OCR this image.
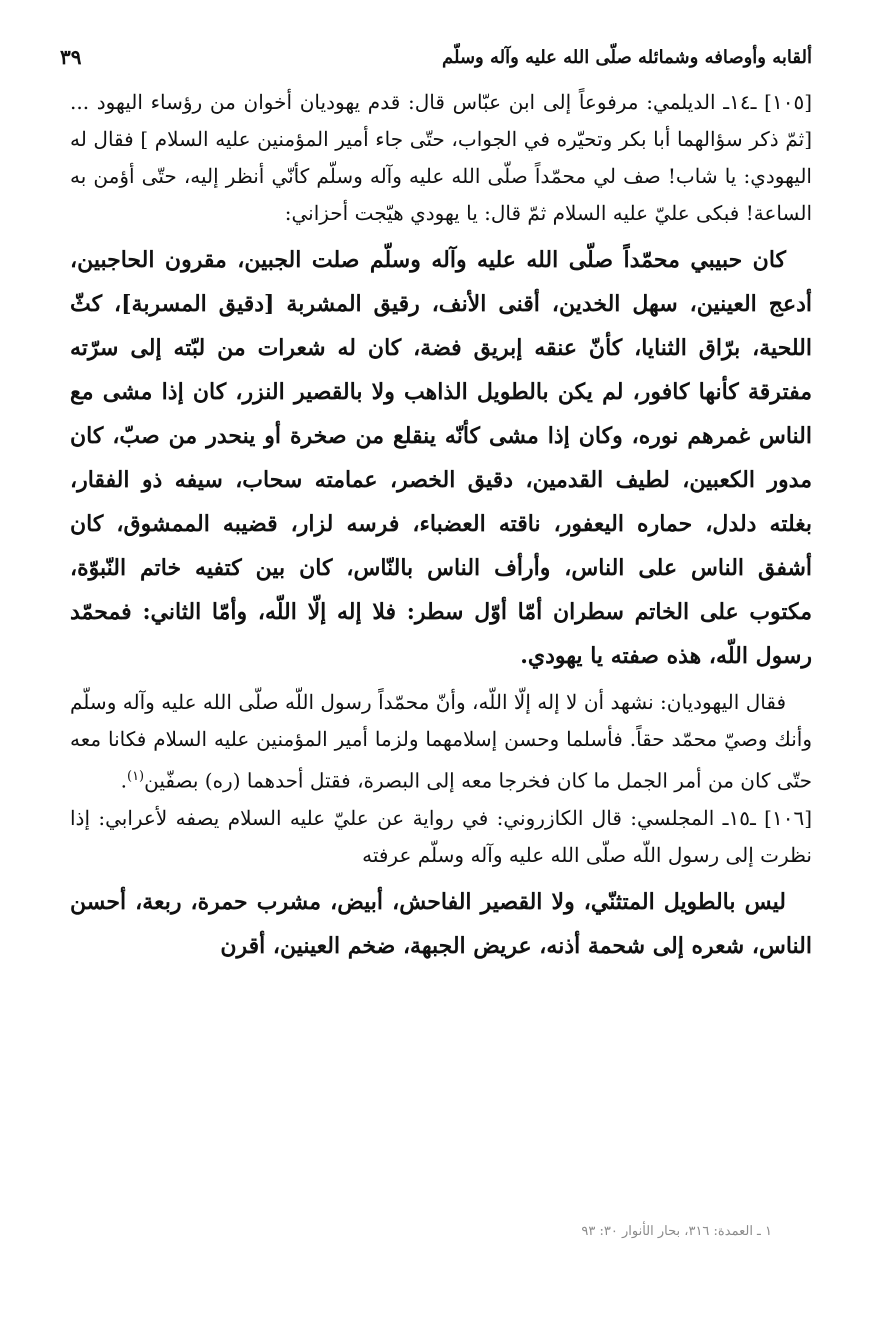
٣٩	ألقابه وأوصافه وشمائله صلّى الله عليه وآله وسلّم

[١٠٥] ـ١٤ـ الديلمي: مرفوعاً إلى ابن عبّاس قال: قدم يهوديان أخوان من رؤساء اليهود ... [ثمّ ذكر سؤالهما أبا بكر وتحيّره في الجواب، حتّى جاء أمير المؤمنين عليه السلام ] فقال له اليهودي: يا شاب! صف لي محمّداً صلّى الله عليه وآله وسلّم كأنّي أنظر إليه، حتّى أؤمن به الساعة! فبكى عليّ عليه السلام ثمّ قال: يا يهودي هيّجت أحزاني:

كان حبيبي محمّداً صلّى الله عليه وآله وسلّم صلت الجبين، مقرون الحاجبين، أدعج العينين، سهل الخدين، أقنى الأنف، رقيق المشربة [دقيق المسربة]، كثّ اللحية، برّاق الثنايا، كأنّ عنقه إبريق فضة، كان له شعرات من لبّته إلى سرّته مفترقة كأنها كافور، لم يكن بالطويل الذاهب ولا بالقصير النزر، كان إذا مشى مع الناس غمرهم نوره، وكان إذا مشى كأنّه ينقلع من صخرة أو ينحدر من صبّ، كان مدور الكعبين، لطيف القدمين، دقيق الخصر، عمامته سحاب، سيفه ذو الفقار، بغلته دلدل، حماره اليعفور، ناقته العضباء، فرسه لزار، قضيبه الممشوق، كان أشفق الناس على الناس، وأرأف الناس بالنّاس، كان بين كتفيه خاتم النّبوّة، مكتوب على الخاتم سطران أمّا أوّل سطر: فلا إله إلّا اللّه، وأمّا الثاني: فمحمّد رسول اللّه، هذه صفته يا يهودي.

فقال اليهوديان: نشهد أن لا إله إلّا اللّه، وأنّ محمّداً رسول اللّه صلّى الله عليه وآله وسلّم وأنك وصيّ محمّد حقاً. فأسلما وحسن إسلامهما ولزما أمير المؤمنين عليه السلام فكانا معه حتّى كان من أمر الجمل ما كان فخرجا معه إلى البصرة، فقتل أحدهما (ره) بصفّين$^{(١)}$.

[١٠٦] ـ١٥ـ المجلسي: قال الكازروني: في رواية عن عليّ عليه السلام يصفه لأعرابي: إذا نظرت إلى رسول اللّه صلّى الله عليه وآله وسلّم عرفته

ليس بالطويل المتثنّي، ولا القصير الفاحش، أبيض، مشرب حمرة، ربعة، أحسن الناس، شعره إلى شحمة أذنه، عريض الجبهة، ضخم العينين، أقرن

١ ـ العمدة: ٣١٦، بحار الأنوار ٣٠: ٩٣
